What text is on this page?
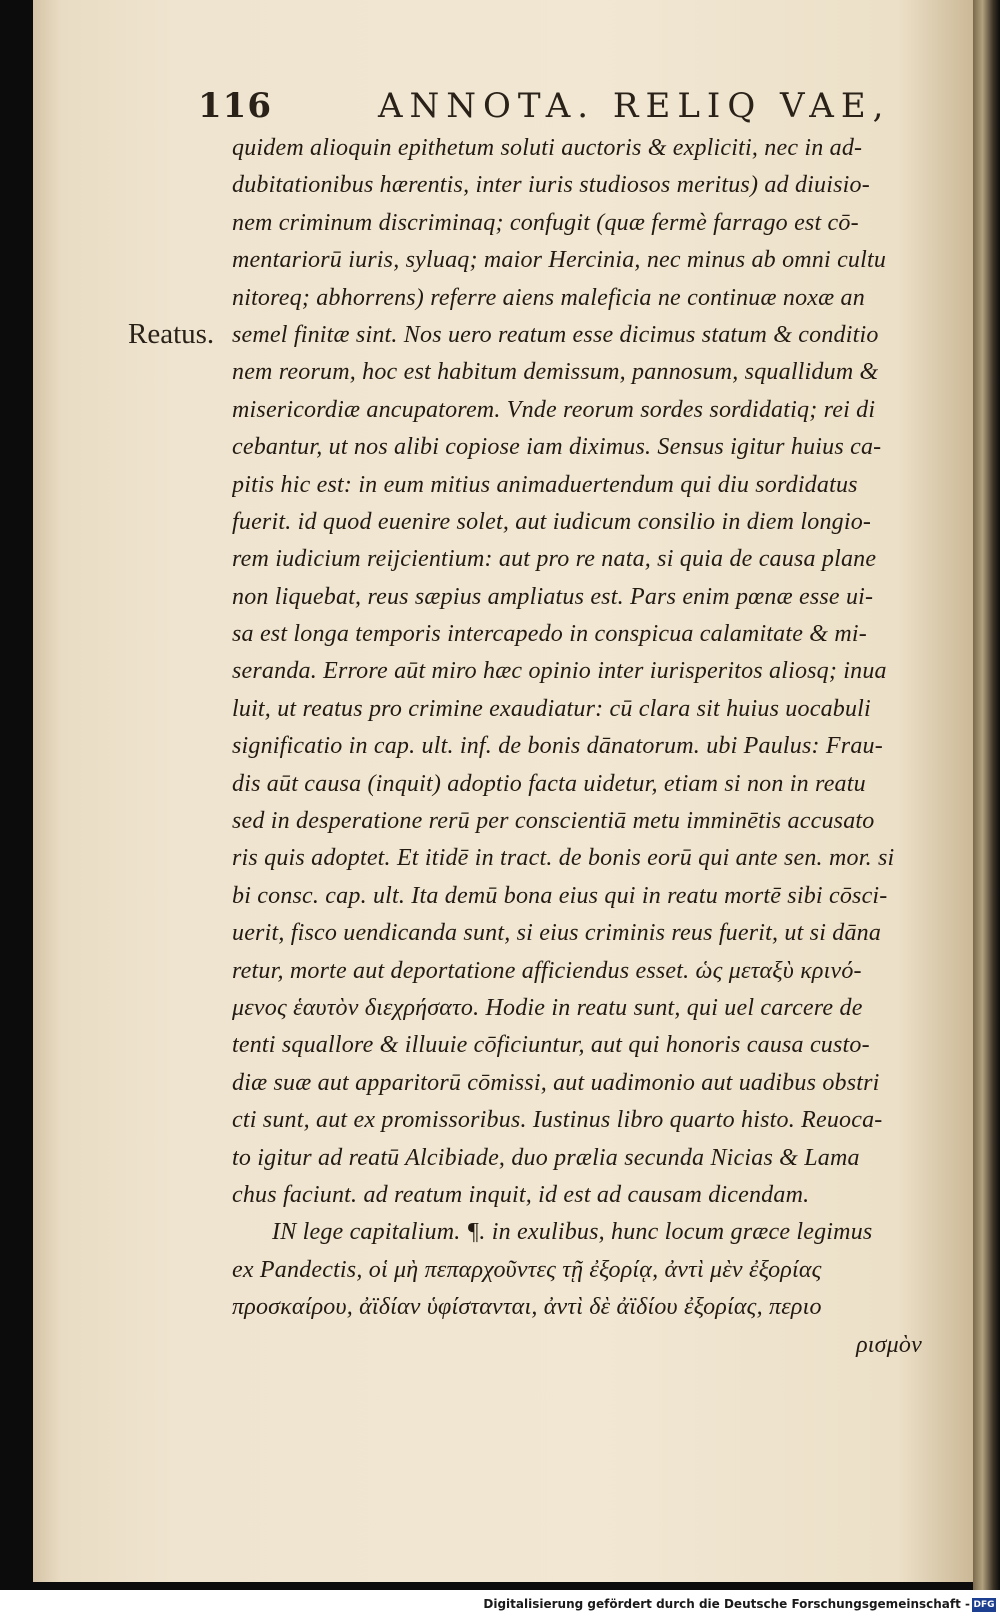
116	ANNOTA. RELIQ VAE,
Reatus.
quidem alioquin epithetum soluti auctoris & expliciti, nec in ad-
dubitationibus hærentis, inter iuris studiosos meritus) ad diuisio-
nem criminum discriminaq; confugit (quæ fermè farrago est cō-
mentariorū iuris, syluaq; maior Hercinia, nec minus ab omni cultu
nitoreq; abhorrens) referre aiens maleficia ne continuæ noxæ an
semel finitæ sint. Nos uero reatum esse dicimus statum & conditio
nem reorum, hoc est habitum demissum, pannosum, squallidum &
misericordiæ ancupatorem. Vnde reorum sordes sordidatiq; rei di
cebantur, ut nos alibi copiose iam diximus. Sensus igitur huius ca-
pitis hic est: in eum mitius animaduertendum qui diu sordidatus
fuerit. id quod euenire solet, aut iudicum consilio in diem longio-
rem iudicium reijcientium: aut pro re nata, si quia de causa plane
non liquebat, reus sæpius ampliatus est. Pars enim pœnæ esse ui-
sa est longa temporis intercapedo in conspicua calamitate & mi-
seranda. Errore aūt miro hæc opinio inter iurisperitos aliosq; inua
luit, ut reatus pro crimine exaudiatur: cū clara sit huius uocabuli
significatio in cap. ult. inf. de bonis dānatorum. ubi Paulus: Frau-
dis aūt causa (inquit) adoptio facta uidetur, etiam si non in reatu
sed in desperatione rerū per conscientiā metu imminētis accusato
ris quis adoptet. Et itidē in tract. de bonis eorū qui ante sen. mor. si
bi consc. cap. ult. Ita demū bona eius qui in reatu mortē sibi cōsci-
uerit, fisco uendicanda sunt, si eius criminis reus fuerit, ut si dāna
retur, morte aut deportatione afficiendus esset. ὡς μεταξὺ κρινό-
μενος ἑαυτὸν διεχρήσατο. Hodie in reatu sunt, qui uel carcere de
tenti squallore & illuuie cōficiuntur, aut qui honoris causa custo-
diæ suæ aut apparitorū cōmissi, aut uadimonio aut uadibus obstri
cti sunt, aut ex promissoribus. Iustinus libro quarto histo. Reuoca-
to igitur ad reatū Alcibiade, duo prælia secunda Nicias & Lama
chus faciunt. ad reatum inquit, id est ad causam dicendam.
IN lege capitalium. ¶. in exulibus, hunc locum græce legimus
ex Pandectis, οἱ μὴ πεπαρχοῦντες τῇ ἐξορίᾳ, ἀντὶ μὲν ἐξορίας
προσκαίρου, ἀϊδίαν ὑφίστανται, ἀντὶ δὲ ἀϊδίου ἐξορίας, περιο
ρισμὸν
Digitalisierung gefördert durch die Deutsche Forschungsgemeinschaft - DFG
